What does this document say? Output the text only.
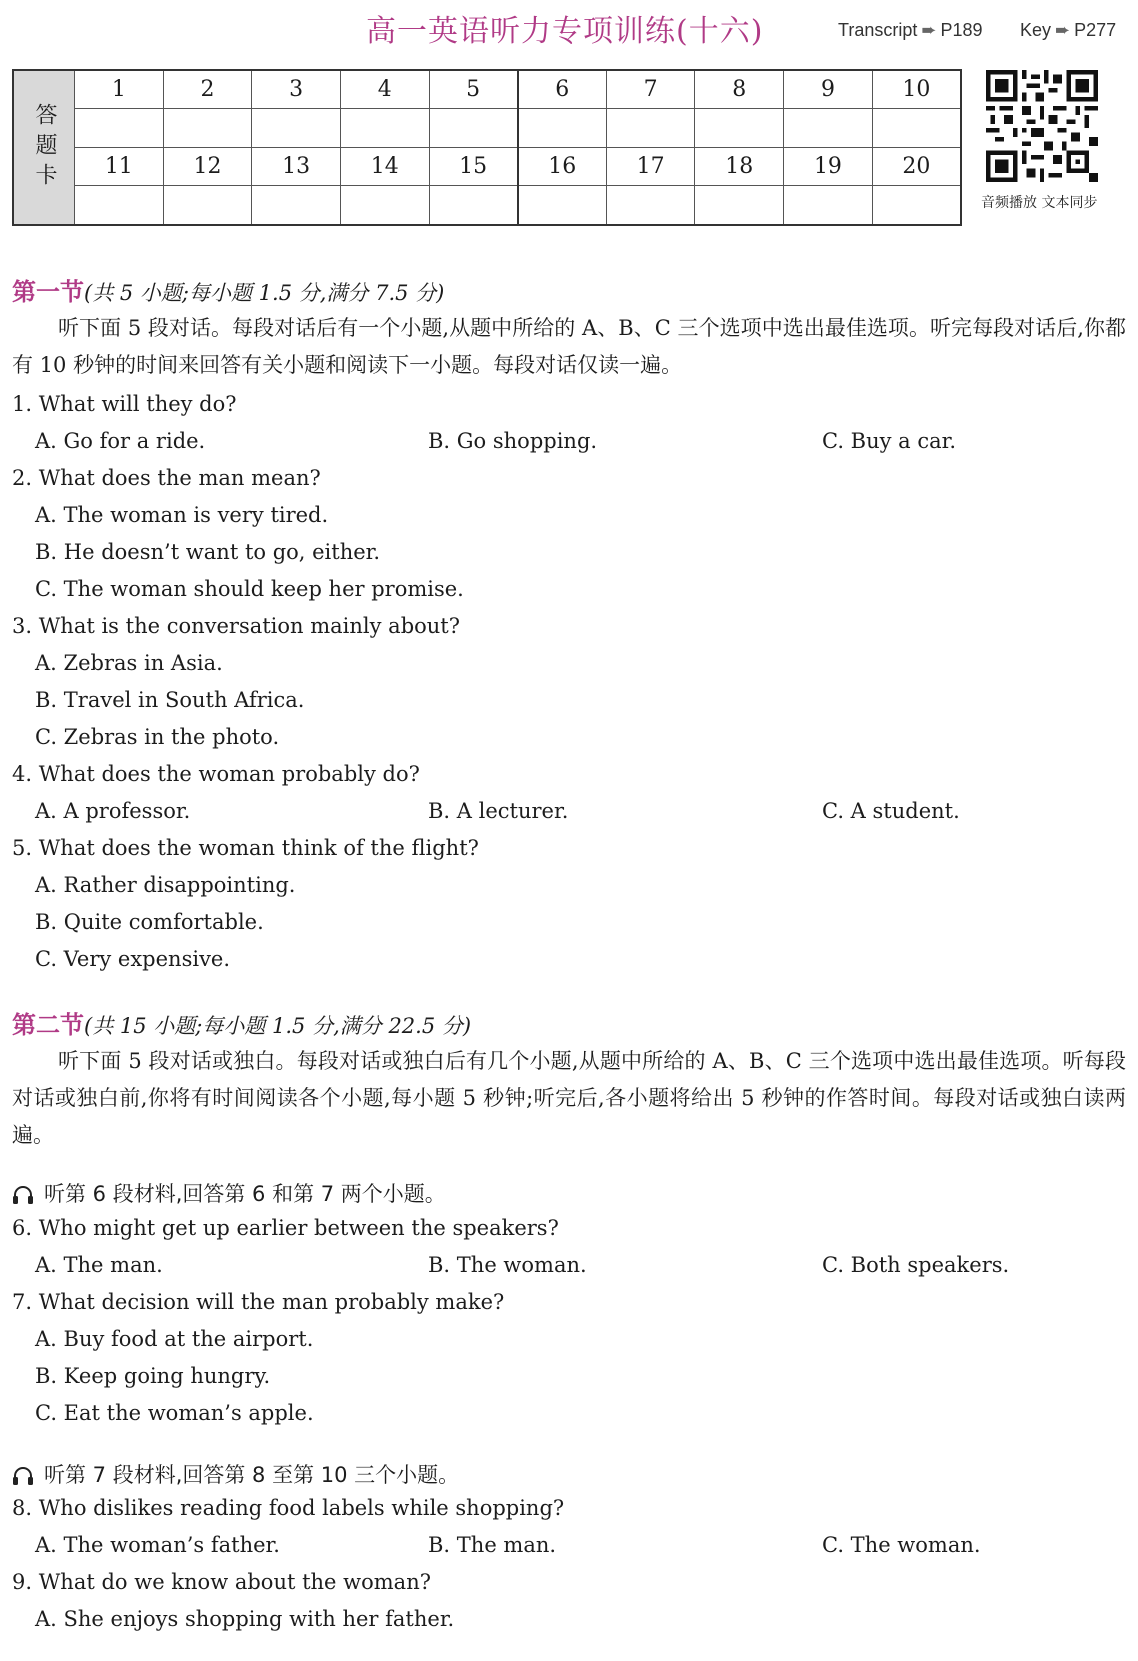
高一英语听力专项训练(十六)	Transcript ➨ P189 Key ➨ P277
答题卡	1	2	3	4	5	6	7	8	9	10

	11	12	13	14	15	16	17	18	19	20

音频播放 文本同步
第一节(共 5 小题;每小题 1.5 分,满分 7.5 分)
听下面 5 段对话。每段对话后有一个小题,从题中所给的 A、B、C 三个选项中选出最佳选项。听完每段对话后,你都有 10 秒钟的时间来回答有关小题和阅读下一小题。每段对话仅读一遍。
1. What will they do?
A. Go for a ride.	B. Go shopping.	C. Buy a car.
2. What does the man mean?
A. The woman is very tired.
B. He doesn’t want to go, either.
C. The woman should keep her promise.
3. What is the conversation mainly about?
A. Zebras in Asia.
B. Travel in South Africa.
C. Zebras in the photo.
4. What does the woman probably do?
A. A professor.	B. A lecturer.	C. A student.
5. What does the woman think of the flight?
A. Rather disappointing.
B. Quite comfortable.
C. Very expensive.
第二节(共 15 小题;每小题 1.5 分,满分 22.5 分)
听下面 5 段对话或独白。每段对话或独白后有几个小题,从题中所给的 A、B、C 三个选项中选出最佳选项。听每段对话或独白前,你将有时间阅读各个小题,每小题 5 秒钟;听完后,各小题将给出 5 秒钟的作答时间。每段对话或独白读两遍。
听第 6 段材料,回答第 6 和第 7 两个小题。
6. Who might get up earlier between the speakers?
A. The man.	B. The woman.	C. Both speakers.
7. What decision will the man probably make?
A. Buy food at the airport.
B. Keep going hungry.
C. Eat the woman’s apple.
听第 7 段材料,回答第 8 至第 10 三个小题。
8. Who dislikes reading food labels while shopping?
A. The woman’s father.	B. The man.	C. The woman.
9. What do we know about the woman?
A. She enjoys shopping with her father.
